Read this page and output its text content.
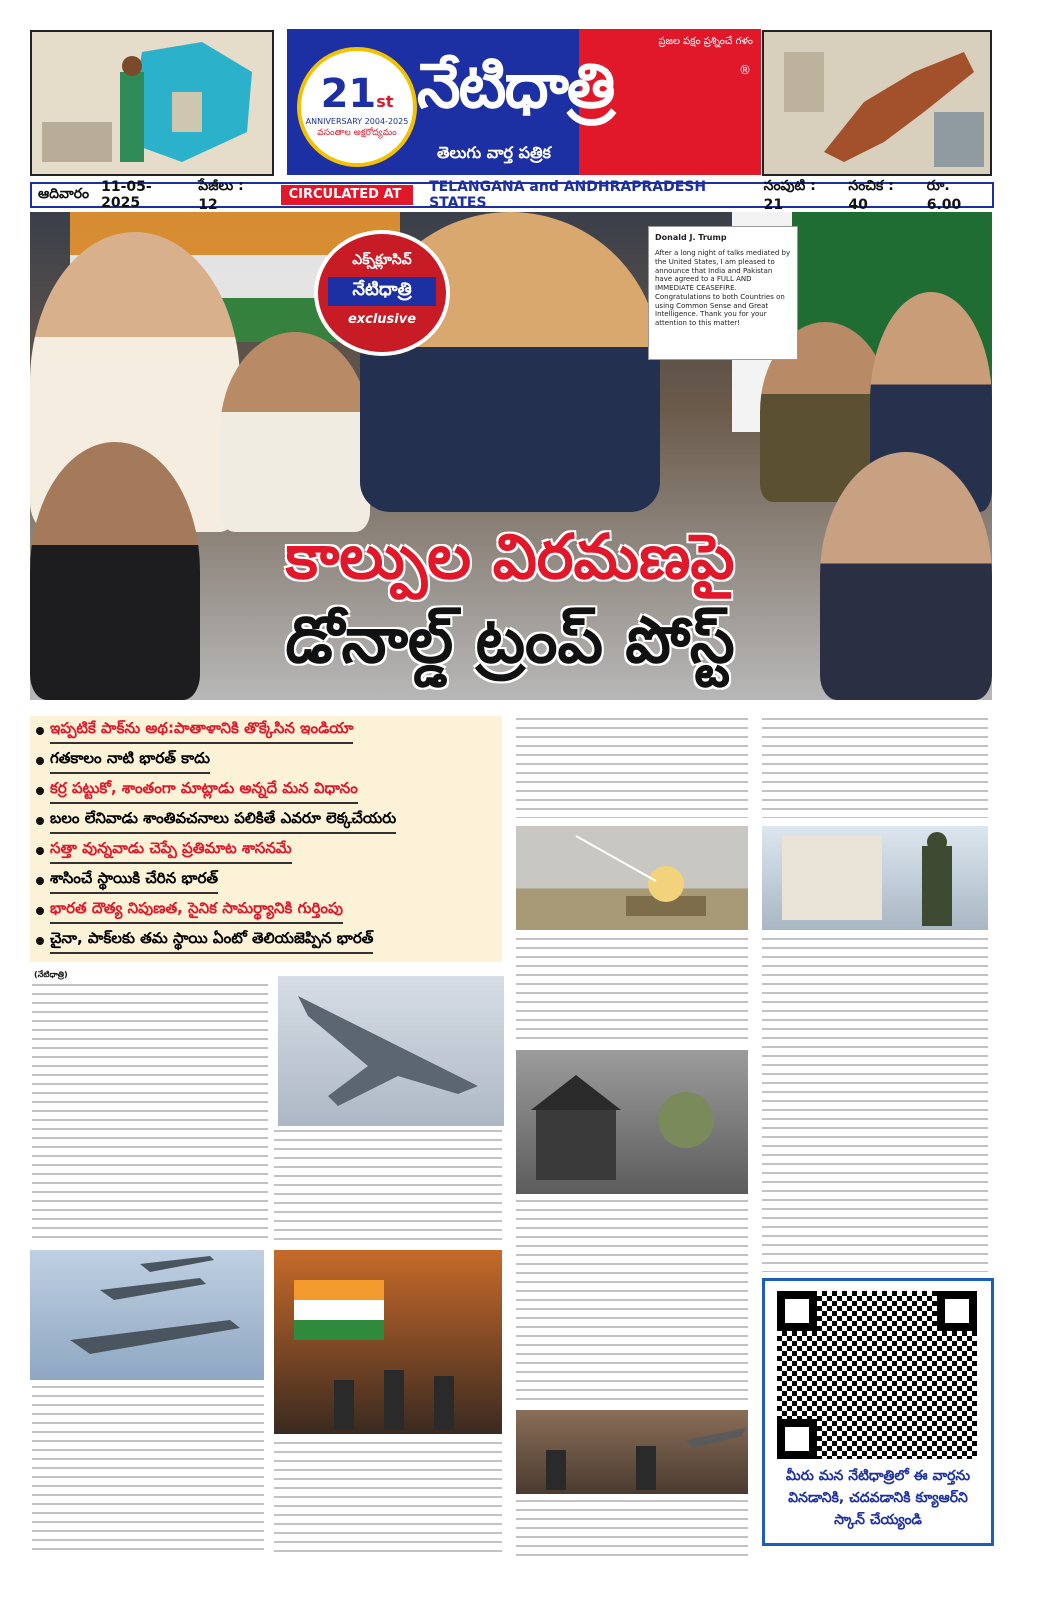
21st
ANNIVERSARY 2004-2025
వసంతాల అక్షరోద్యమం
నేటిధాత్రి
తెలుగు వార్త పత్రిక
ప్రజల పక్షం ప్రశ్నించే గళం
®
ఆదివారం 11-05-2025
పేజీలు : 12
CIRCULATED AT	TELANGANA and ANDHRAPRADESH STATES
సంపుటి : 21
సంచిక : 40
రూ. 6.00
ఎక్స్‌క్లూసివ్
నేటిధాత్రి
exclusive
Donald J. Trump
After a long night of talks mediated by the United States, I am pleased to announce that India and Pakistan have agreed to a FULL AND IMMEDIATE CEASEFIRE. Congratulations to both Countries on using Common Sense and Great Intelligence. Thank you for your attention to this matter!
కాల్పుల విరమణపై
డోనాల్డ్ ట్రంప్ పోస్ట్
ఇప్పటికే పాక్‌ను అథ:పాతాళానికి తొక్కేసిన ఇండియా
గతకాలం నాటి భారత్ కాదు
కర్ర పట్టుకో, శాంతంగా మాట్లాడు అన్నదే మన విధానం
బలం లేనివాడు శాంతివచనాలు పలికితే ఎవరూ లెక్కచేయరు
సత్తా వున్నవాడు చెప్పే ప్రతిమాట శాసనమే
శాసించే స్థాయికి చేరిన భారత్
భారత దౌత్య నిపుణత, సైనిక సామర్థ్యానికి గుర్తింపు
చైనా, పాక్‌లకు తమ స్థాయి ఏంటో తెలియజెప్పిన భారత్
(నేటిధాత్రి)
మీరు మన నేటిధాత్రిలో ఈ వార్తను
వినడానికి, చదవడానికి క్యూఆర్‌ని
స్కాన్ చేయ్యండి
